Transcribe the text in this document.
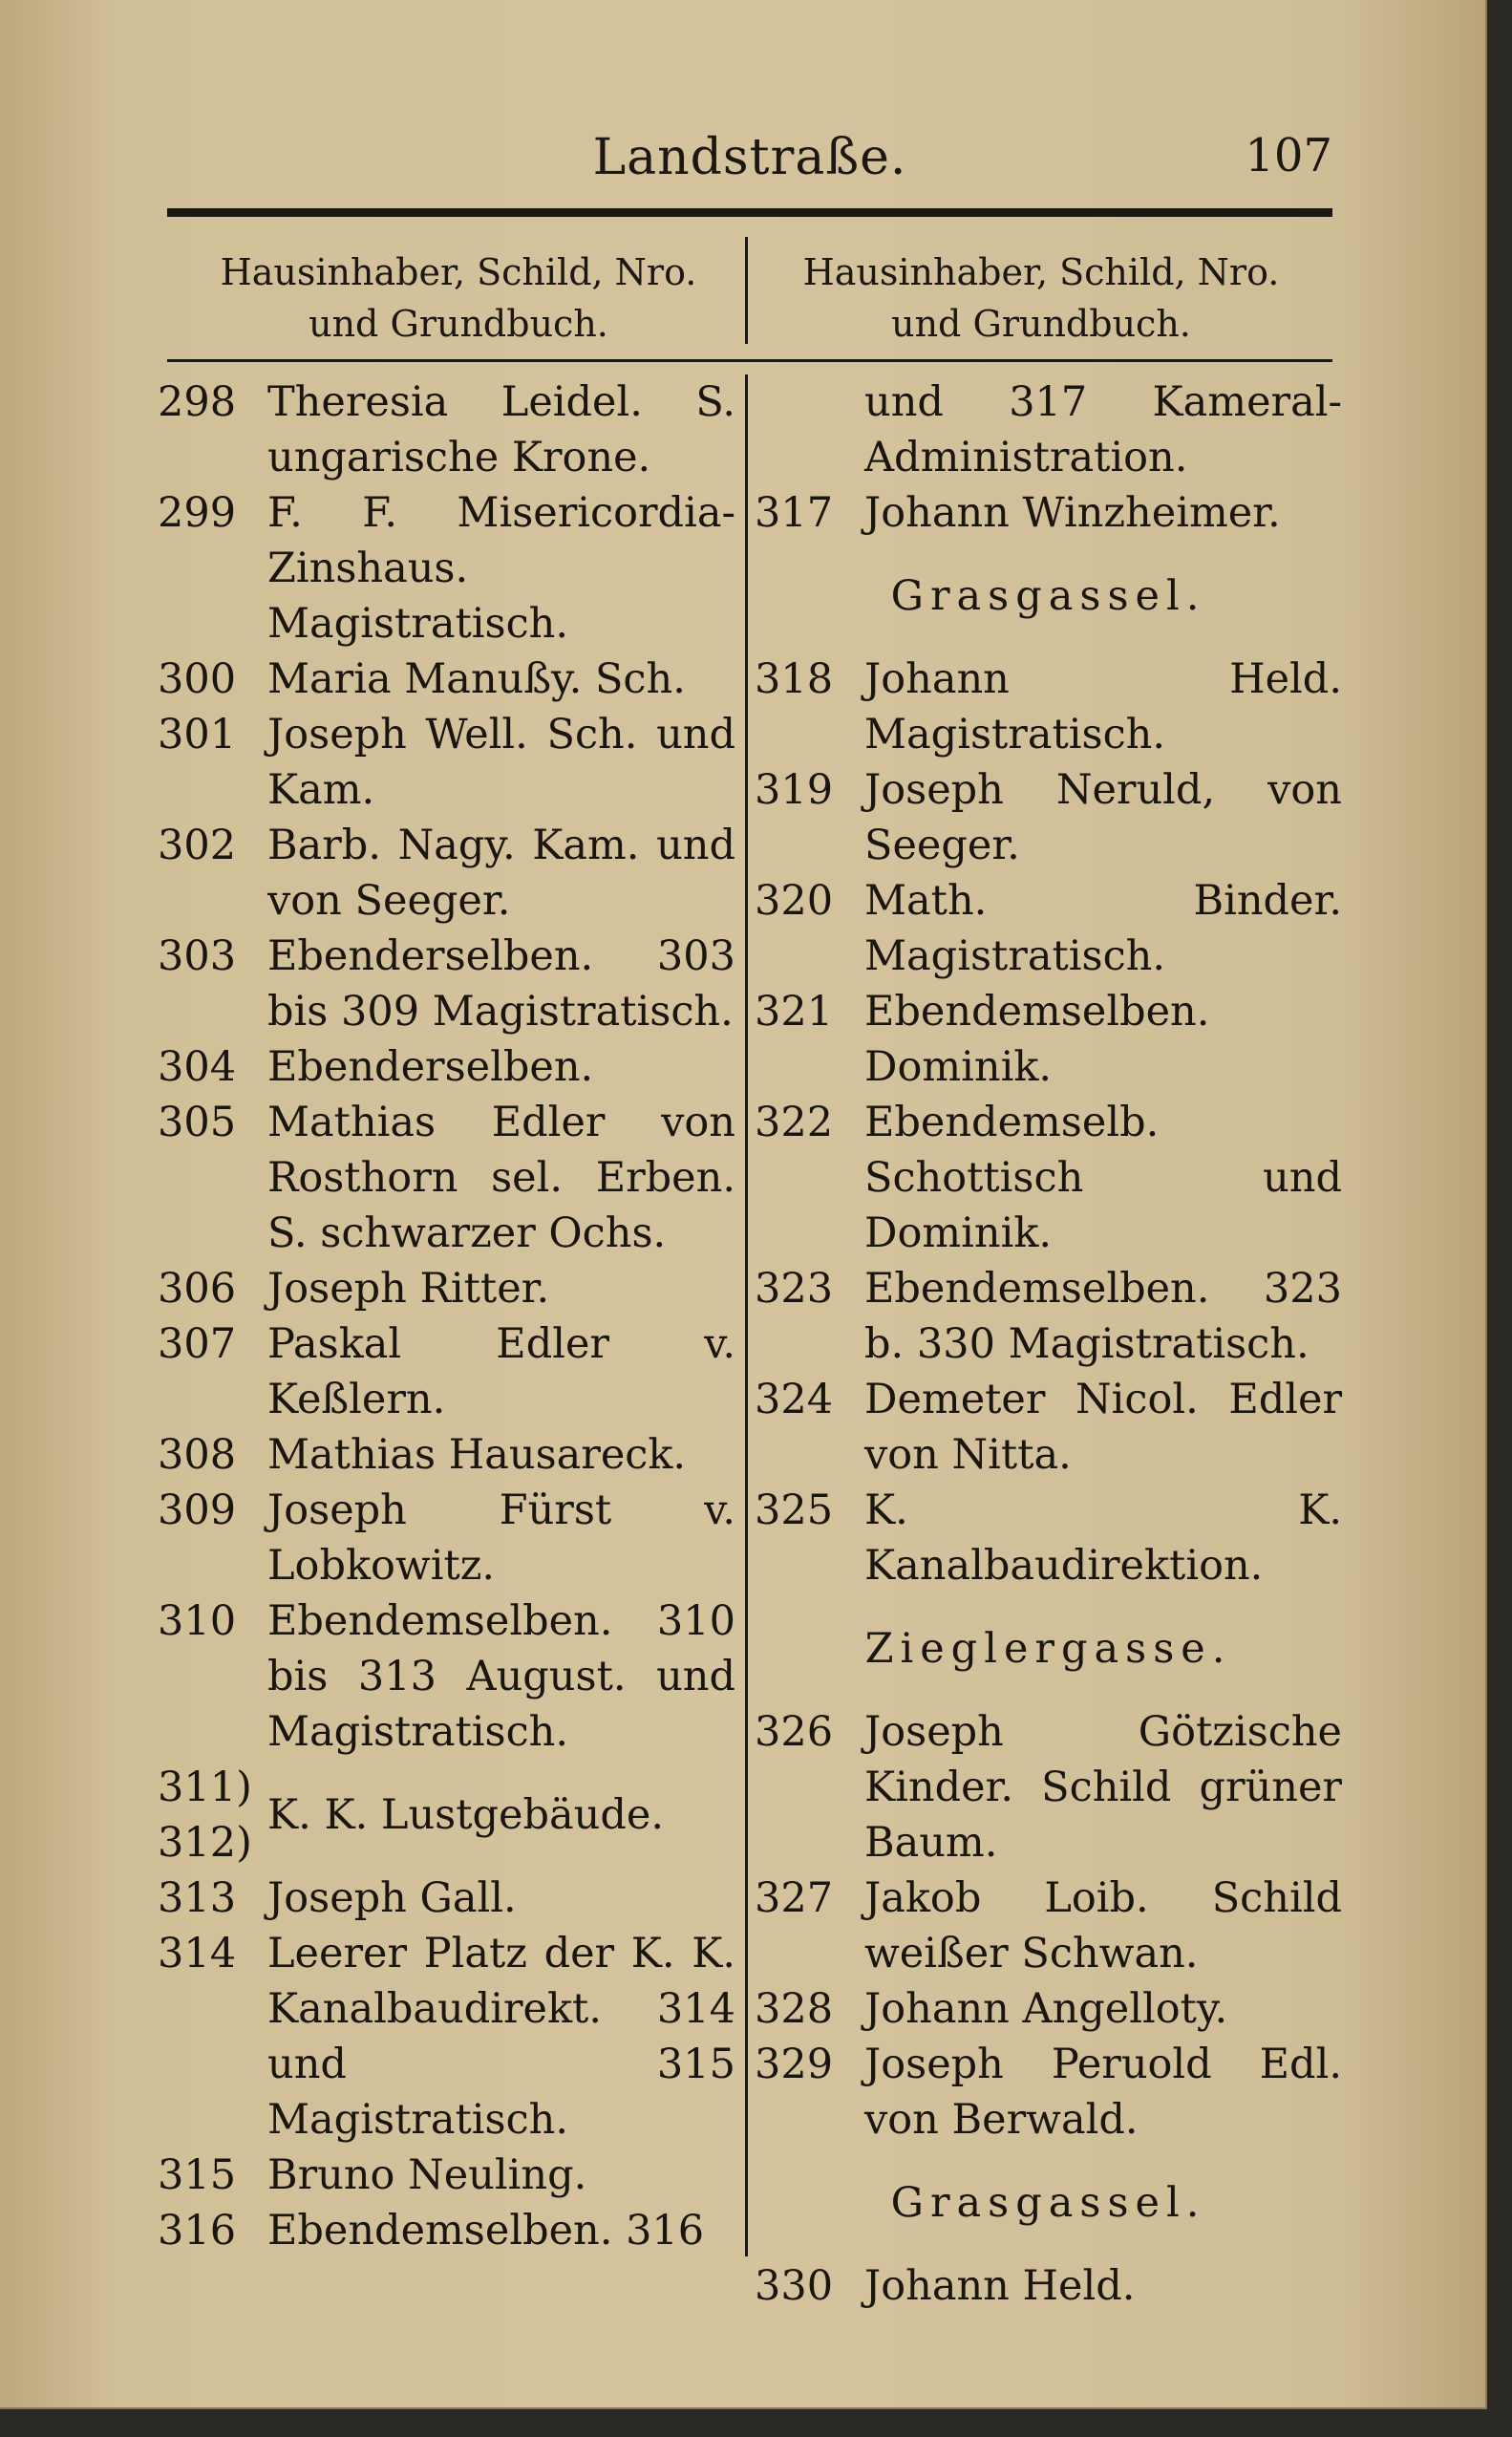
Landstraße.	107
Hausinhaber, Schild, Nro.
und Grundbuch.
Hausinhaber, Schild, Nro.
und Grundbuch.
298 Theresia Leidel. S. ungarische Krone.
299 F. F. Misericordia-Zinshaus. Magistratisch.
300 Maria Manußy. Sch.
301 Joseph Well. Sch. und Kam.
302 Barb. Nagy. Kam. und von Seeger.
303 Ebenderselben. 303 bis 309 Magistratisch.
304 Ebenderselben.
305 Mathias Edler von Rosthorn sel. Erben. S. schwarzer Ochs.
306 Joseph Ritter.
307 Paskal Edler v. Keßlern.
308 Mathias Hausareck.
309 Joseph Fürst v. Lobkowitz.
310 Ebendemselben. 310 bis 313 August. und Magistratisch.
311)
312)
K. K. Lustgebäude.
313 Joseph Gall.
314 Leerer Platz der K. K. Kanalbaudirekt. 314 und 315 Magistratisch.
315 Bruno Neuling.
316 Ebendemselben. 316
und 317 Kameral-Administration.
317 Johann Winzheimer.
Grasgassel.
318 Johann Held. Magistratisch.
319 Joseph Neruld, von Seeger.
320 Math. Binder. Magistratisch.
321 Ebendemselben. Dominik.
322 Ebendemselb. Schottisch und Dominik.
323 Ebendemselben. 323 b. 330 Magistratisch.
324 Demeter Nicol. Edler von Nitta.
325 K. K. Kanalbaudirektion.
Zieglergasse.
326 Joseph Götzische Kinder. Schild grüner Baum.
327 Jakob Loib. Schild weißer Schwan.
328 Johann Angelloty.
329 Joseph Peruold Edl. von Berwald.
Grasgassel.
330 Johann Held.
